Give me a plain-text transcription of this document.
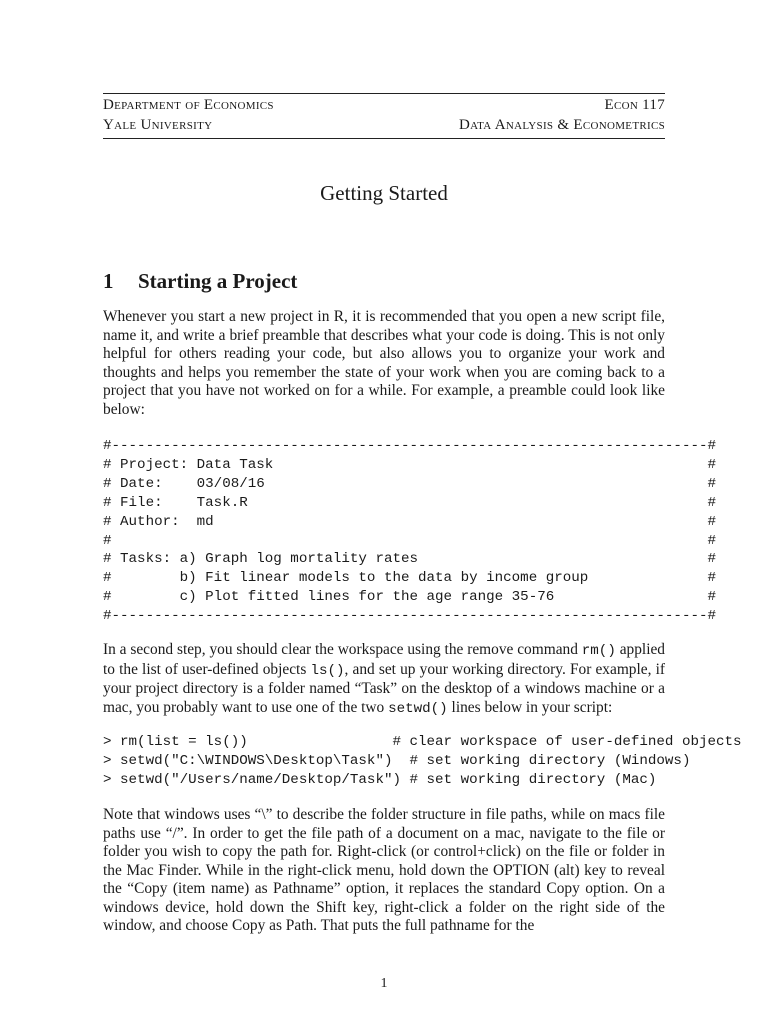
Department of Economics
Yale University
Econ 117
Data Analysis & Econometrics
Getting Started
1 Starting a Project

Whenever you start a new project in R, it is recommended that you open a new script file, name it, and write a brief preamble that describes what your code is doing. This is not only helpful for others reading your code, but also allows you to organize your work and thoughts and helps you remember the state of your work when you are coming back to a project that you have not worked on for a while. For example, a preamble could look like below:

#----------------------------------------------------------------------#
# Project: Data Task                                                   #
# Date:    03/08/16                                                    #
# File:    Task.R                                                      #
# Author:  md                                                          #
#                                                                      #
# Tasks: a) Graph log mortality rates                                  #
#        b) Fit linear models to the data by income group              #
#        c) Plot fitted lines for the age range 35-76                  #
#----------------------------------------------------------------------#

In a second step, you should clear the workspace using the remove command rm() applied to the list of user-defined objects ls(), and set up your working directory. For example, if your project directory is a folder named “Task” on the desktop of a windows machine or a mac, you probably want to use one of the two setwd() lines below in your script:

> rm(list = ls())                 # clear workspace of user-defined objects
> setwd("C:\WINDOWS\Desktop\Task")  # set working directory (Windows)
> setwd("/Users/name/Desktop/Task") # set working directory (Mac)

Note that windows uses “\” to describe the folder structure in file paths, while on macs file paths use “/”. In order to get the file path of a document on a mac, navigate to the file or folder you wish to copy the path for. Right-click (or control+click) on the file or folder in the Mac Finder. While in the right-click menu, hold down the OPTION (alt) key to reveal the “Copy (item name) as Pathname” option, it replaces the standard Copy option. On a windows device, hold down the Shift key, right-click a folder on the right side of the window, and choose Copy as Path. That puts the full pathname for the

1
